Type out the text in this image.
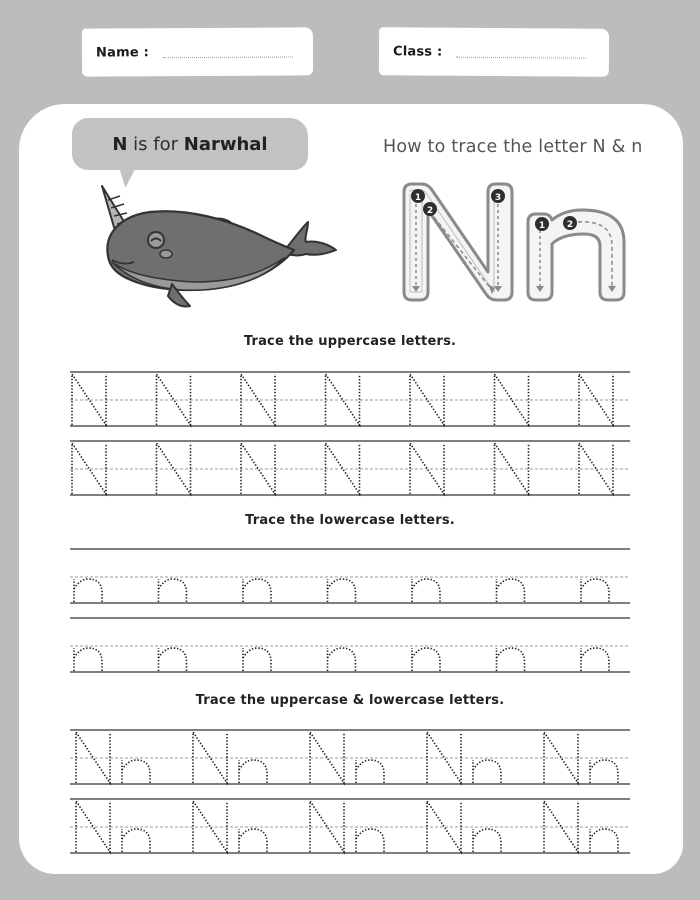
Name :	Class :
N is for Narwhal	How to trace the letter N & n
1
2
3
1 2
Trace the uppercase letters.
Trace the lowercase letters.
Trace the uppercase & lowercase letters.
